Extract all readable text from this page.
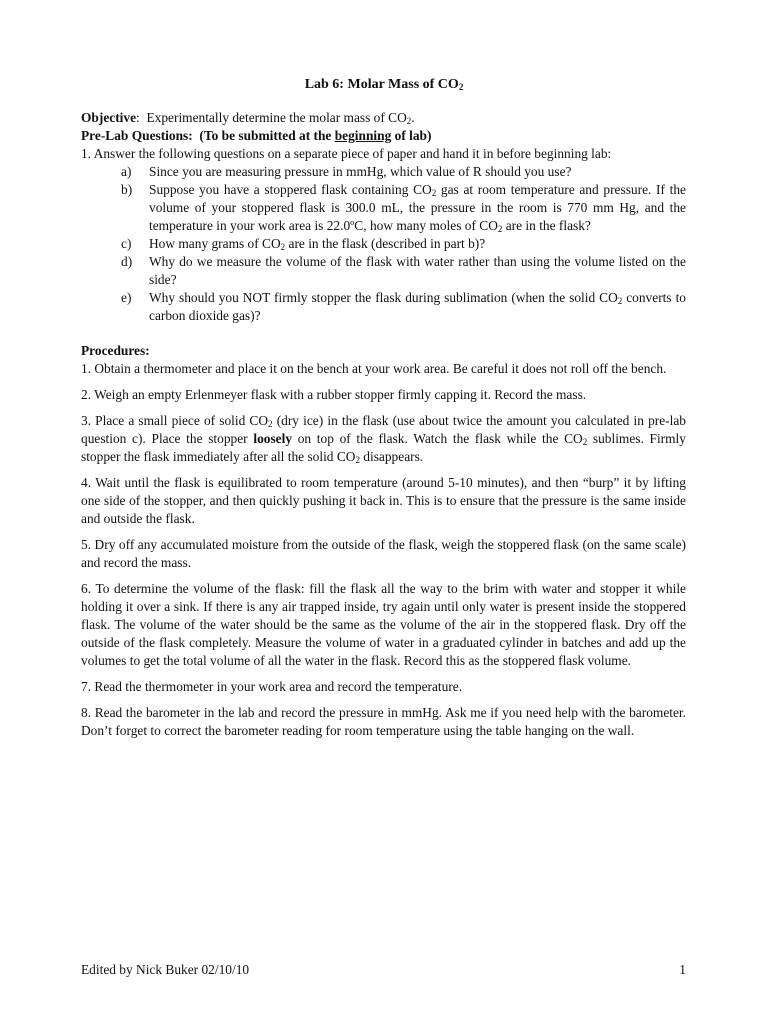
Lab 6: Molar Mass of $CO_2$
Objective: Experimentally determine the molar mass of $CO_2$.
Pre-Lab Questions: (To be submitted at the beginning of lab)
1. Answer the following questions on a separate piece of paper and hand it in before beginning lab:
a) Since you are measuring pressure in mmHg, which value of R should you use?
b) Suppose you have a stoppered flask containing $CO_2$ gas at room temperature and pressure. If the volume of your stoppered flask is 300.0 mL, the pressure in the room is 770 mm Hg, and the temperature in your work area is 22.0ºC, how many moles of $CO_2$ are in the flask?
c) How many grams of $CO_2$ are in the flask (described in part b)?
d) Why do we measure the volume of the flask with water rather than using the volume listed on the side?
e) Why should you NOT firmly stopper the flask during sublimation (when the solid $CO_2$ converts to carbon dioxide gas)?
Procedures:
1. Obtain a thermometer and place it on the bench at your work area. Be careful it does not roll off the bench.
2. Weigh an empty Erlenmeyer flask with a rubber stopper firmly capping it. Record the mass.
3. Place a small piece of solid $CO_2$ (dry ice) in the flask (use about twice the amount you calculated in pre-lab question c). Place the stopper loosely on top of the flask. Watch the flask while the $CO_2$ sublimes. Firmly stopper the flask immediately after all the solid $CO_2$ disappears.
4. Wait until the flask is equilibrated to room temperature (around 5-10 minutes), and then “burp” it by lifting one side of the stopper, and then quickly pushing it back in. This is to ensure that the pressure is the same inside and outside the flask.
5. Dry off any accumulated moisture from the outside of the flask, weigh the stoppered flask (on the same scale) and record the mass.
6. To determine the volume of the flask: fill the flask all the way to the brim with water and stopper it while holding it over a sink. If there is any air trapped inside, try again until only water is present inside the stoppered flask. The volume of the water should be the same as the volume of the air in the stoppered flask. Dry off the outside of the flask completely. Measure the volume of water in a graduated cylinder in batches and add up the volumes to get the total volume of all the water in the flask. Record this as the stoppered flask volume.
7. Read the thermometer in your work area and record the temperature.
8. Read the barometer in the lab and record the pressure in mmHg. Ask me if you need help with the barometer. Don’t forget to correct the barometer reading for room temperature using the table hanging on the wall.
Edited by Nick Buker 02/10/10	1
